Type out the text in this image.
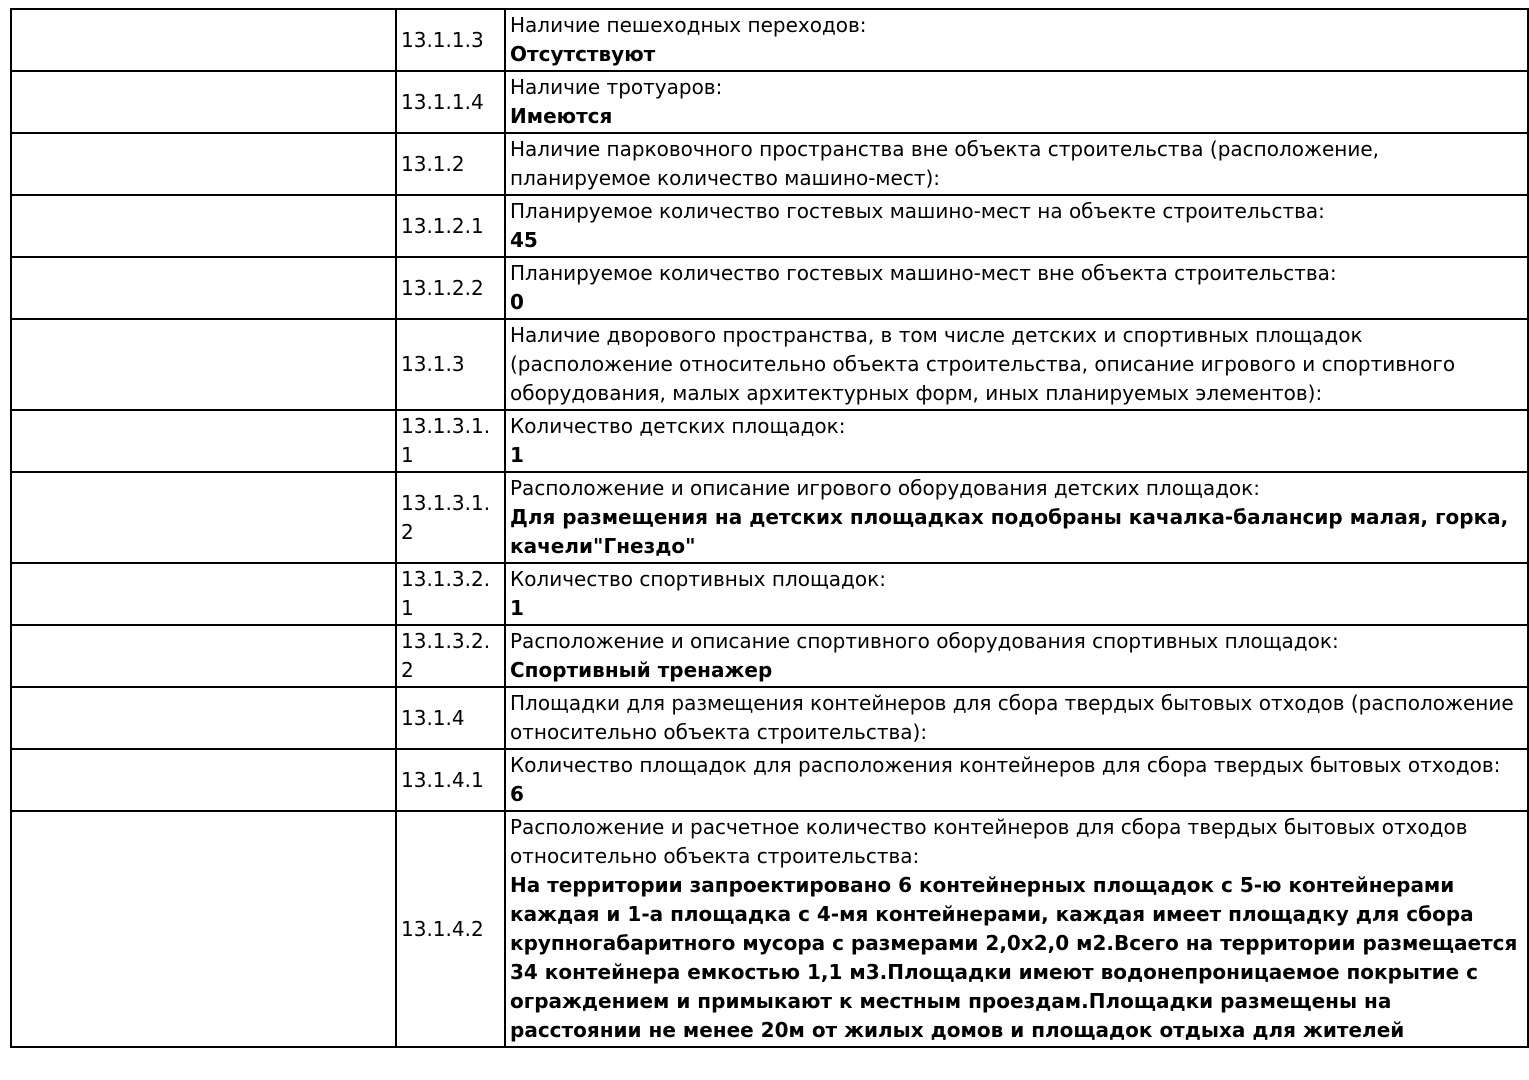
	13.1.1.3	Наличие пешеходных переходов:
Отсутствуют

	13.1.1.4	Наличие тротуаров:
Имеются

	13.1.2	Наличие парковочного пространства вне объекта строительства (расположение, планируемое количество машино-мест):

	13.1.2.1	Планируемое количество гостевых машино-мест на объекте строительства:
45

	13.1.2.2	Планируемое количество гостевых машино-мест вне объекта строительства:
0

	13.1.3	Наличие дворового пространства, в том числе детских и спортивных площадок (расположение относительно объекта строительства, описание игрового и спортивного оборудования, малых архитектурных форм, иных планируемых элементов):

	13.1.3.1.1	Количество детских площадок:
1

	13.1.3.1.2	Расположение и описание игрового оборудования детских площадок:
Для размещения на детских площадках подобраны качалка-балансир малая, горка, качели"Гнездо"

	13.1.3.2.1	Количество спортивных площадок:
1

	13.1.3.2.2	Расположение и описание спортивного оборудования спортивных площадок:
Спортивный тренажер

	13.1.4	Площадки для размещения контейнеров для сбора твердых бытовых отходов (расположение относительно объекта строительства):

	13.1.4.1	Количество площадок для расположения контейнеров для сбора твердых бытовых отходов:
6

	13.1.4.2	Расположение и расчетное количество контейнеров для сбора твердых бытовых отходов относительно объекта строительства:
На территории запроектировано 6 контейнерных площадок с 5-ю контейнерами каждая и 1-а площадка с 4-мя контейнерами, каждая имеет площадку для сбора крупногабаритного мусора с размерами 2,0х2,0 м2.Всего на территории размещается 34 контейнера емкостью 1,1 м3.Площадки имеют водонепроницаемое покрытие с ограждением и примыкают к местным проездам.Площадки размещены на расстоянии не менее 20м от жилых домов и площадок отдыха для жителей
